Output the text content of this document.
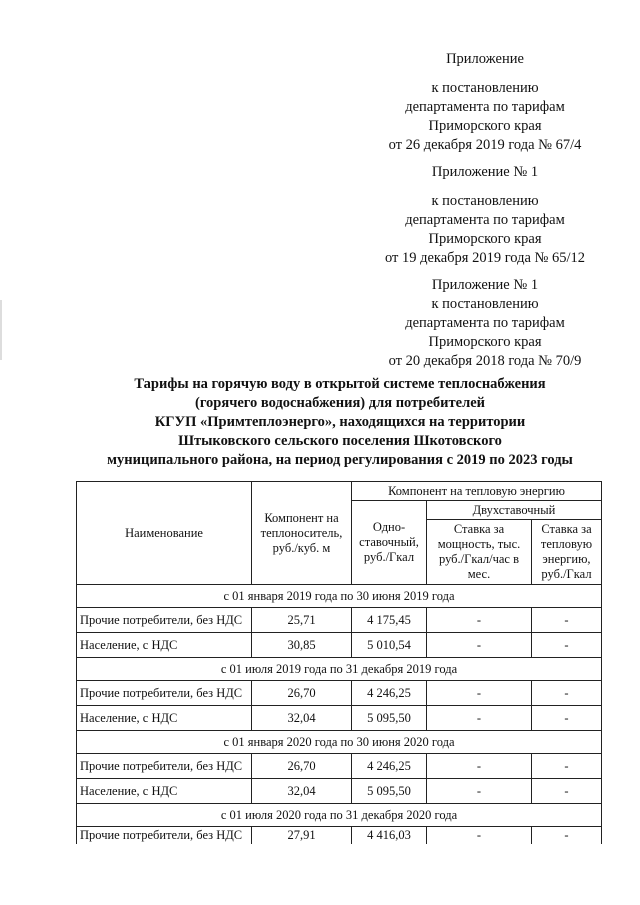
Приложение
к постановлению
департамента по тарифам
Приморского края
от 26 декабря 2019 года № 67/4
Приложение № 1
к постановлению
департамента по тарифам
Приморского края
от 19 декабря 2019 года № 65/12
Приложение № 1
к постановлению
департамента по тарифам
Приморского края
от 20 декабря 2018 года № 70/9
Тарифы на горячую воду в открытой системе теплоснабжения
(горячего водоснабжения) для потребителей
КГУП «Примтеплоэнерго», находящихся на территории
Штыковского сельского поселения Шкотовского
муниципального района, на период регулирования с 2019 по 2023 годы
Наименование	Компонент на теплоноситель, руб./куб. м	Компонент на тепловую энергию		
		Одно-ставочный, руб./Гкал	Двухставочный	
			Ставка за мощность, тыс. руб./Гкал/час в мес.	Ставка за тепловую энергию, руб./Гкал
с 01 января 2019 года по 30 июня 2019 года				
Прочие потребители, без НДС	25,71	4 175,45	-	-
Население, с НДС	30,85	5 010,54	-	-
с 01 июля 2019 года по 31 декабря 2019 года				
Прочие потребители, без НДС	26,70	4 246,25	-	-
Население, с НДС	32,04	5 095,50	-	-
с 01 января 2020 года по 30 июня 2020 года				
Прочие потребители, без НДС	26,70	4 246,25	-	-
Население, с НДС	32,04	5 095,50	-	-
с 01 июля 2020 года по 31 декабря 2020 года				
Прочие потребители, без НДС	27,91	4 416,03	-	-
